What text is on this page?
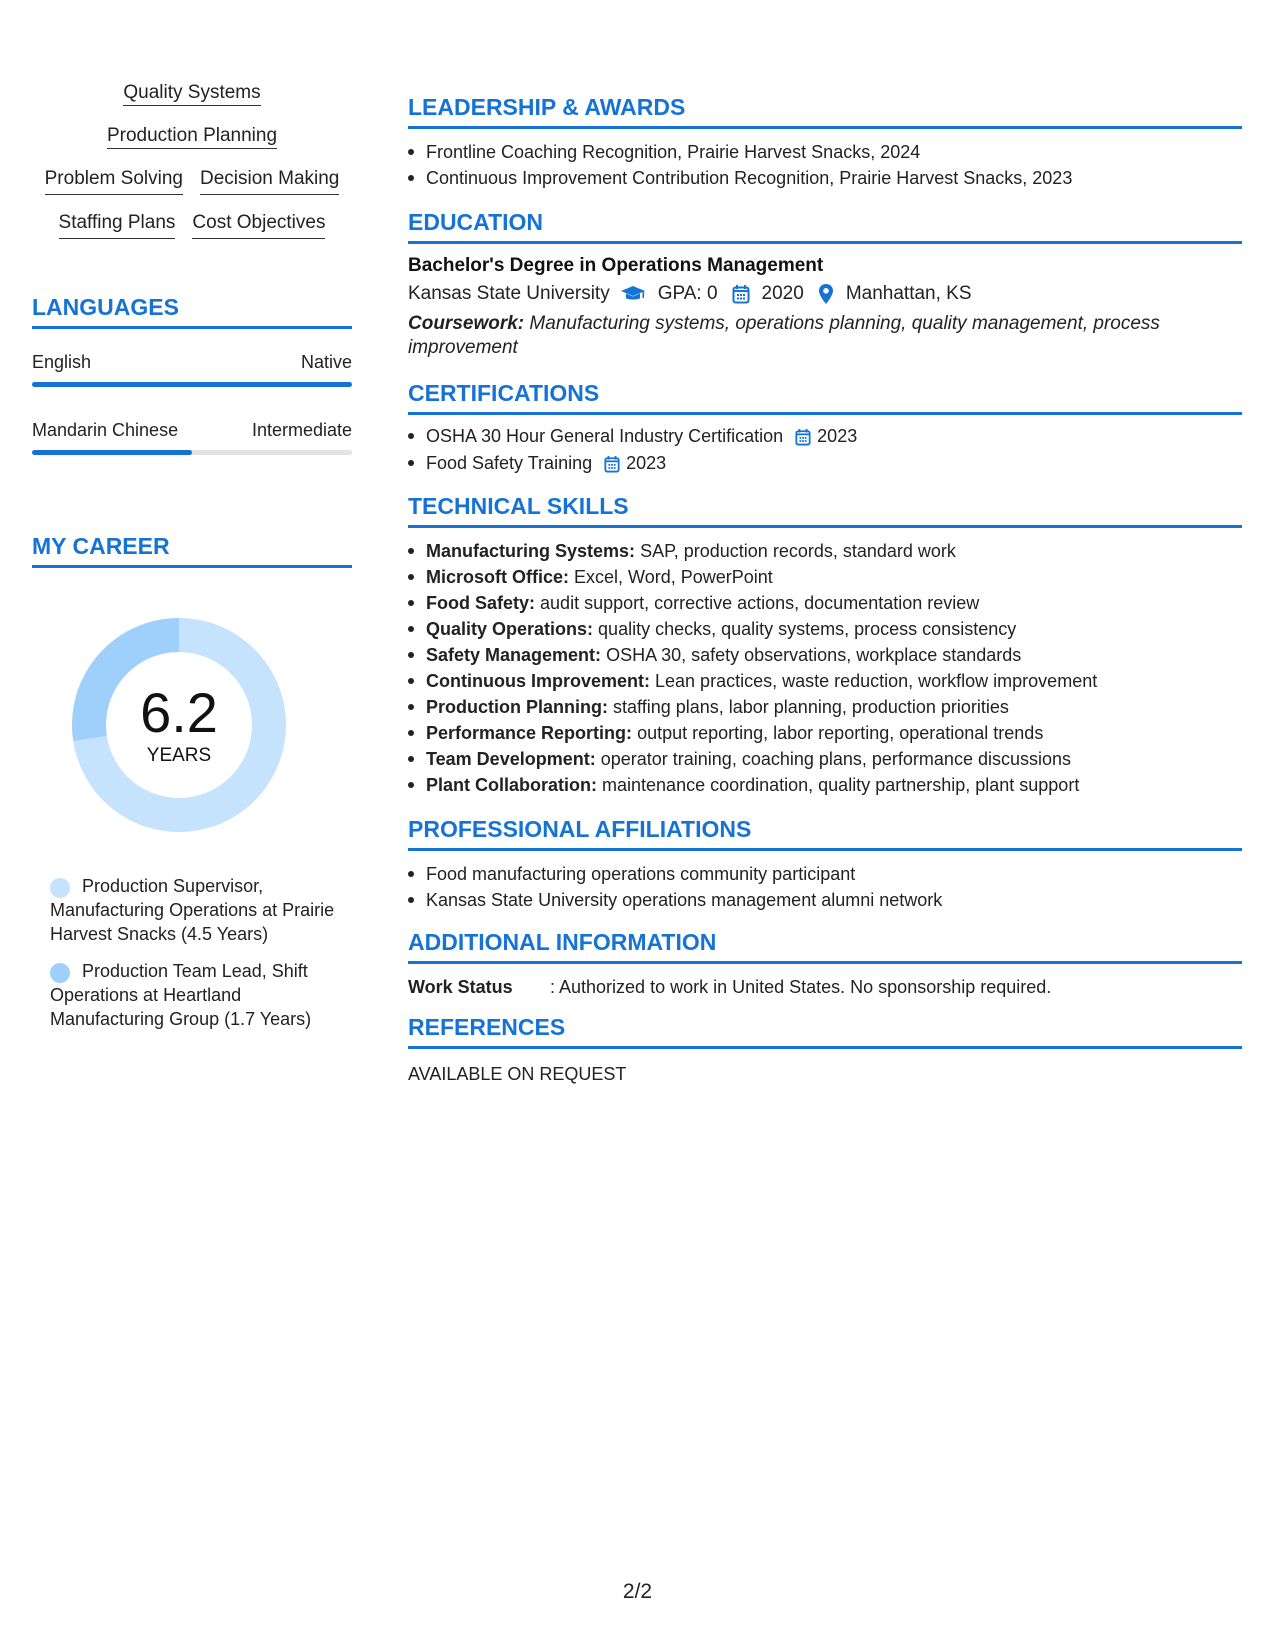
Quality Systems
Production Planning
Problem Solving Decision Making
Staffing Plans Cost Objectives
LANGUAGES
English	Native
Mandarin Chinese	Intermediate
MY CAREER
6.2
YEARS
Production Supervisor, Manufacturing Operations at Prairie Harvest Snacks (4.5 Years)
Production Team Lead, Shift Operations at Heartland Manufacturing Group (1.7 Years)
LEADERSHIP & AWARDS
Frontline Coaching Recognition, Prairie Harvest Snacks, 2024
Continuous Improvement Contribution Recognition, Prairie Harvest Snacks, 2023
EDUCATION
Bachelor's Degree in Operations Management
Kansas State University	GPA: 0 2020 Manhattan, KS
Coursework: Manufacturing systems, operations planning, quality management, process improvement
CERTIFICATIONS
OSHA 30 Hour General Industry Certification 2023
Food Safety Training 2023
TECHNICAL SKILLS
Manufacturing Systems: SAP, production records, standard work
Microsoft Office: Excel, Word, PowerPoint
Food Safety: audit support, corrective actions, documentation review
Quality Operations: quality checks, quality systems, process consistency
Safety Management: OSHA 30, safety observations, workplace standards
Continuous Improvement: Lean practices, waste reduction, workflow improvement
Production Planning: staffing plans, labor planning, production priorities
Performance Reporting: output reporting, labor reporting, operational trends
Team Development: operator training, coaching plans, performance discussions
Plant Collaboration: maintenance coordination, quality partnership, plant support
PROFESSIONAL AFFILIATIONS
Food manufacturing operations community participant
Kansas State University operations management alumni network
ADDITIONAL INFORMATION
Work Status	: Authorized to work in United States. No sponsorship required.
REFERENCES
AVAILABLE ON REQUEST
2/2
